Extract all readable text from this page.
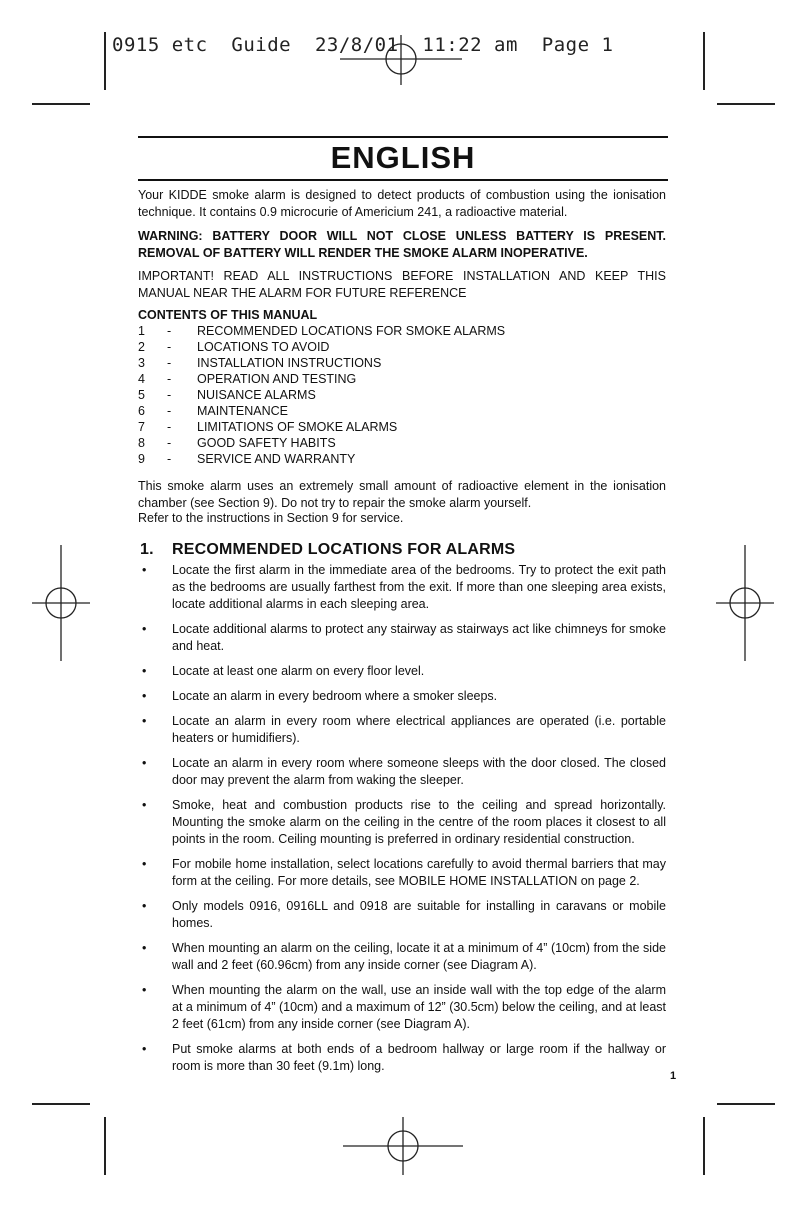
0915 etc  Guide  23/8/01  11:22 am  Page 1
ENGLISH

Your KIDDE smoke alarm is designed to detect products of combustion using the ionisation technique. It contains 0.9 microcurie of Americium 241, a radioactive material.

WARNING: BATTERY DOOR WILL NOT CLOSE UNLESS BATTERY IS PRESENT. REMOVAL OF BATTERY WILL RENDER THE SMOKE ALARM INOPERATIVE.

IMPORTANT! READ ALL INSTRUCTIONS BEFORE INSTALLATION AND KEEP THIS MANUAL NEAR THE ALARM FOR FUTURE REFERENCE

CONTENTS OF THIS MANUAL
1	-	RECOMMENDED LOCATIONS FOR SMOKE ALARMS
2	-	LOCATIONS TO AVOID
3	-	INSTALLATION INSTRUCTIONS
4	-	OPERATION AND TESTING
5	-	NUISANCE ALARMS
6	-	MAINTENANCE
7	-	LIMITATIONS OF SMOKE ALARMS
8	-	GOOD SAFETY HABITS
9	-	SERVICE AND WARRANTY

This smoke alarm uses an extremely small amount of radioactive element in the ionisation chamber (see Section 9). Do not try to repair the smoke alarm yourself.

Refer to the instructions in Section 9 for service.

1. RECOMMENDED LOCATIONS FOR ALARMS
•	Locate the first alarm in the immediate area of the bedrooms. Try to protect the exit path as the bedrooms are usually farthest from the exit. If more than one sleeping area exists, locate additional alarms in each sleeping area.
•	Locate additional alarms to protect any stairway as stairways act like chimneys for smoke and heat.
•	Locate at least one alarm on every floor level.
•	Locate an alarm in every bedroom where a smoker sleeps.
•	Locate an alarm in every room where electrical appliances are operated (i.e. portable heaters or humidifiers).
•	Locate an alarm in every room where someone sleeps with the door closed. The closed door may prevent the alarm from waking the sleeper.
•	Smoke, heat and combustion products rise to the ceiling and spread horizontally. Mounting the smoke alarm on the ceiling in the centre of the room places it closest to all points in the room. Ceiling mounting is preferred in ordinary residential construction.
•	For mobile home installation, select locations carefully to avoid thermal barriers that may form at the ceiling. For more details, see MOBILE HOME INSTALLATION on page 2.
•	Only models 0916, 0916LL and 0918 are suitable for installing in caravans or mobile homes.
•	When mounting an alarm on the ceiling, locate it at a minimum of 4” (10cm) from the side wall and 2 feet (60.96cm) from any inside corner (see Diagram A).
•	When mounting the alarm on the wall, use an inside wall with the top edge of the alarm at a minimum of 4” (10cm) and a maximum of 12” (30.5cm) below the ceiling, and at least 2 feet (61cm) from any inside corner (see Diagram A).
•	Put smoke alarms at both ends of a bedroom hallway or large room if the hallway or room is more than 30 feet (9.1m) long.
1
